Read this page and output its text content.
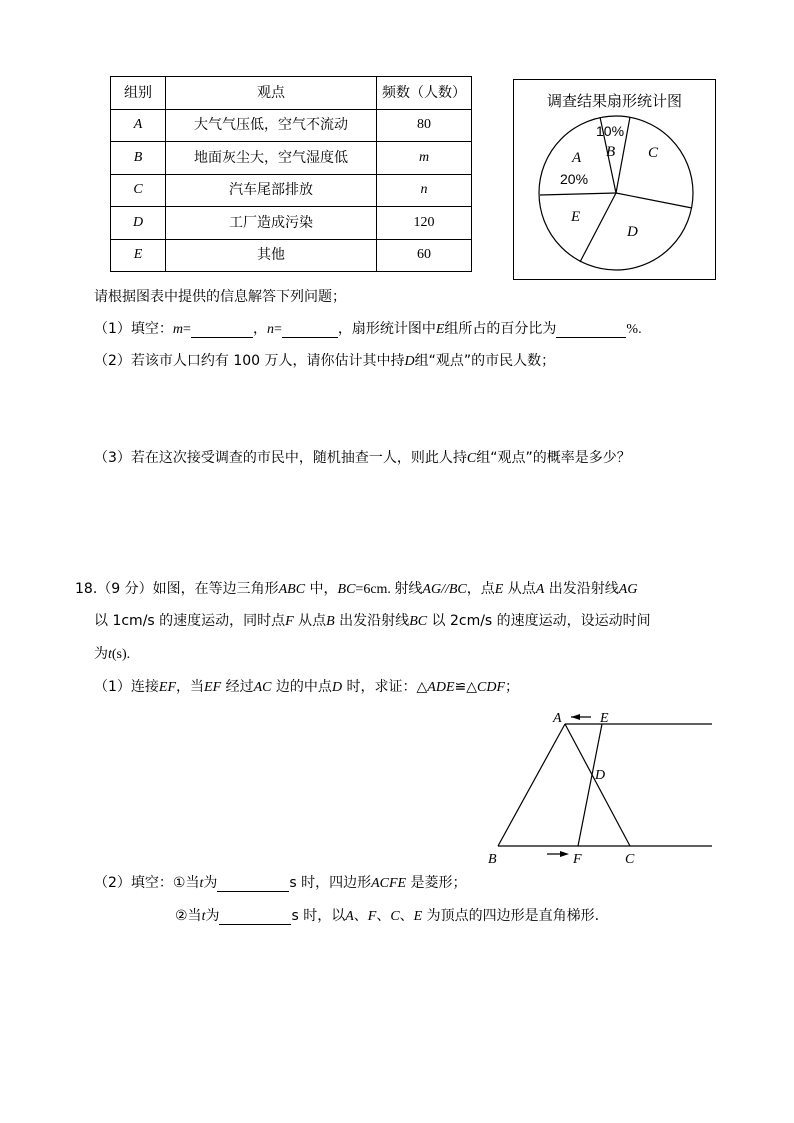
组别	观点	频数（人数）
A	大气气压低，空气不流动	80
B	地面灰尘大，空气湿度低	m
C	汽车尾部排放	n
D	工厂造成污染	120
E	其他	60
调查结果扇形统计图
10%
B C
A
20%
E
D
请根据图表中提供的信息解答下列问题；
（1）填空：m=	，n=	，扇形统计图中E组所占的百分比为	%.
（2）若该市人口约有 100 万人，请你估计其中持D组“观点”的市民人数；
（3）若在这次接受调查的市民中，随机抽查一人，则此人持C组“观点”的概率是多少？
18.（9 分）如图，在等边三角形ABC 中，BC=6cm. 射线AG//BC，点E 从点A 出发沿射线AG
以 1cm/s 的速度运动，同时点F 从点B 出发沿射线BC 以 2cm/s 的速度运动，设运动时间
为t(s).
（1）连接EF，当EF 经过AC 边的中点D 时，求证：△ADE≌△CDF；
A	E
D
B	F	C
（2）填空：①当t为	s 时，四边形ACFE 是菱形；
②当t为	s 时，以A、F、C、E 为顶点的四边形是直角梯形.
